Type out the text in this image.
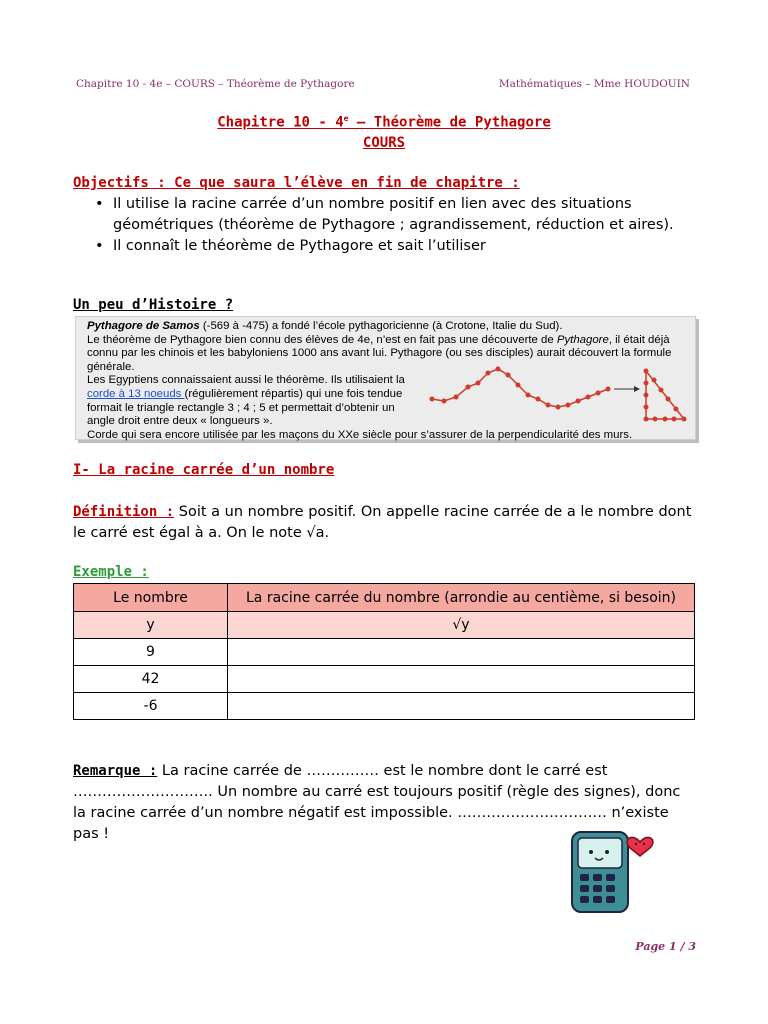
Chapitre 10 - 4e – COURS – Théorème de Pythagore	Mathématiques – Mme HOUDOUIN
Chapitre 10 - 4e – Théorème de Pythagore
COURS
Objectifs : Ce que saura l’élève en fin de chapitre :
• Il utilise la racine carrée d’un nombre positif en lien avec des situations géométriques (théorème de Pythagore ; agrandissement, réduction et aires).
• Il connaît le théorème de Pythagore et sait l’utiliser
Un peu d’Histoire ?
Pythagore de Samos (-569 à -475) a fondé l’école pythagoricienne (à Crotone, Italie du Sud).
Le théorème de Pythagore bien connu des élèves de 4e, n’est en fait pas une découverte de Pythagore, il était déjà connu par les chinois et les babyloniens 1000 ans avant lui. Pythagore (ou ses disciples) aurait découvert la formule générale.
Les Egyptiens connaissaient aussi le théorème. Ils utilisaient la corde à 13 noeuds (régulièrement répartis) qui une fois tendue formait le triangle rectangle 3 ; 4 ; 5 et permettait d’obtenir un angle droit entre deux « longueurs ».
Corde qui sera encore utilisée par les maçons du XXe siècle pour s’assurer de la perpendicularité des murs.
I- La racine carrée d’un nombre
Définition : Soit a un nombre positif. On appelle racine carrée de a le nombre dont le carré est égal à a. On le note √a.
Exemple :
Le nombre	La racine carrée du nombre (arrondie au centième, si besoin)
y	√y
9	
42	
-6	
Remarque : La racine carrée de …………… est le nombre dont le carré est ……………………….. Un nombre au carré est toujours positif (règle des signes), donc la racine carrée d’un nombre négatif est impossible. ……………………….… n’existe pas !
Page 1 / 3
